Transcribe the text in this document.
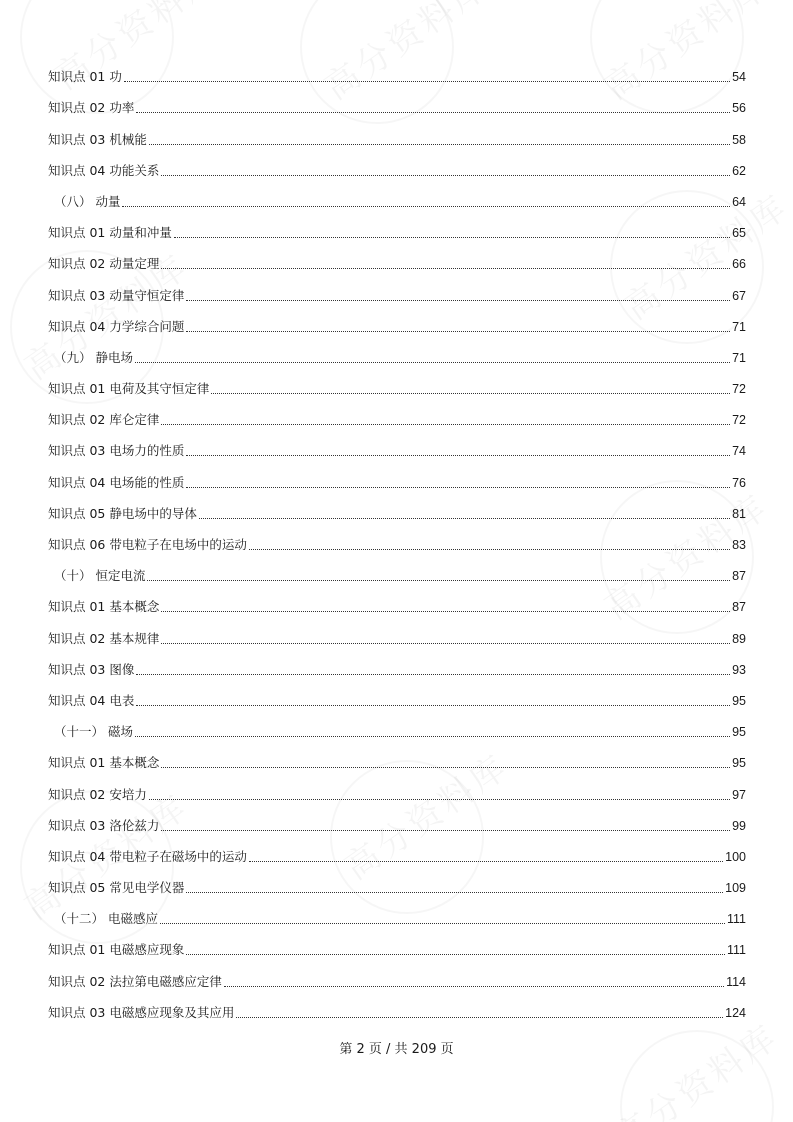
知识点 01 功	54
知识点 02 功率	56
知识点 03 机械能	58
知识点 04 功能关系	62
（八） 动量	64
知识点 01 动量和冲量	65
知识点 02 动量定理	66
知识点 03 动量守恒定律	67
知识点 04 力学综合问题	71
（九） 静电场	71
知识点 01 电荷及其守恒定律	72
知识点 02 库仑定律	72
知识点 03 电场力的性质	74
知识点 04 电场能的性质	76
知识点 05 静电场中的导体	81
知识点 06 带电粒子在电场中的运动	83
（十） 恒定电流	87
知识点 01 基本概念	87
知识点 02 基本规律	89
知识点 03 图像	93
知识点 04 电表	95
（十一） 磁场	95
知识点 01 基本概念	95
知识点 02 安培力	97
知识点 03 洛伦兹力	99
知识点 04 带电粒子在磁场中的运动	100
知识点 05 常见电学仪器	109
（十二） 电磁感应	111
知识点 01 电磁感应现象	111
知识点 02 法拉第电磁感应定律	114
知识点 03 电磁感应现象及其应用	124
第 2 页 / 共 209 页
